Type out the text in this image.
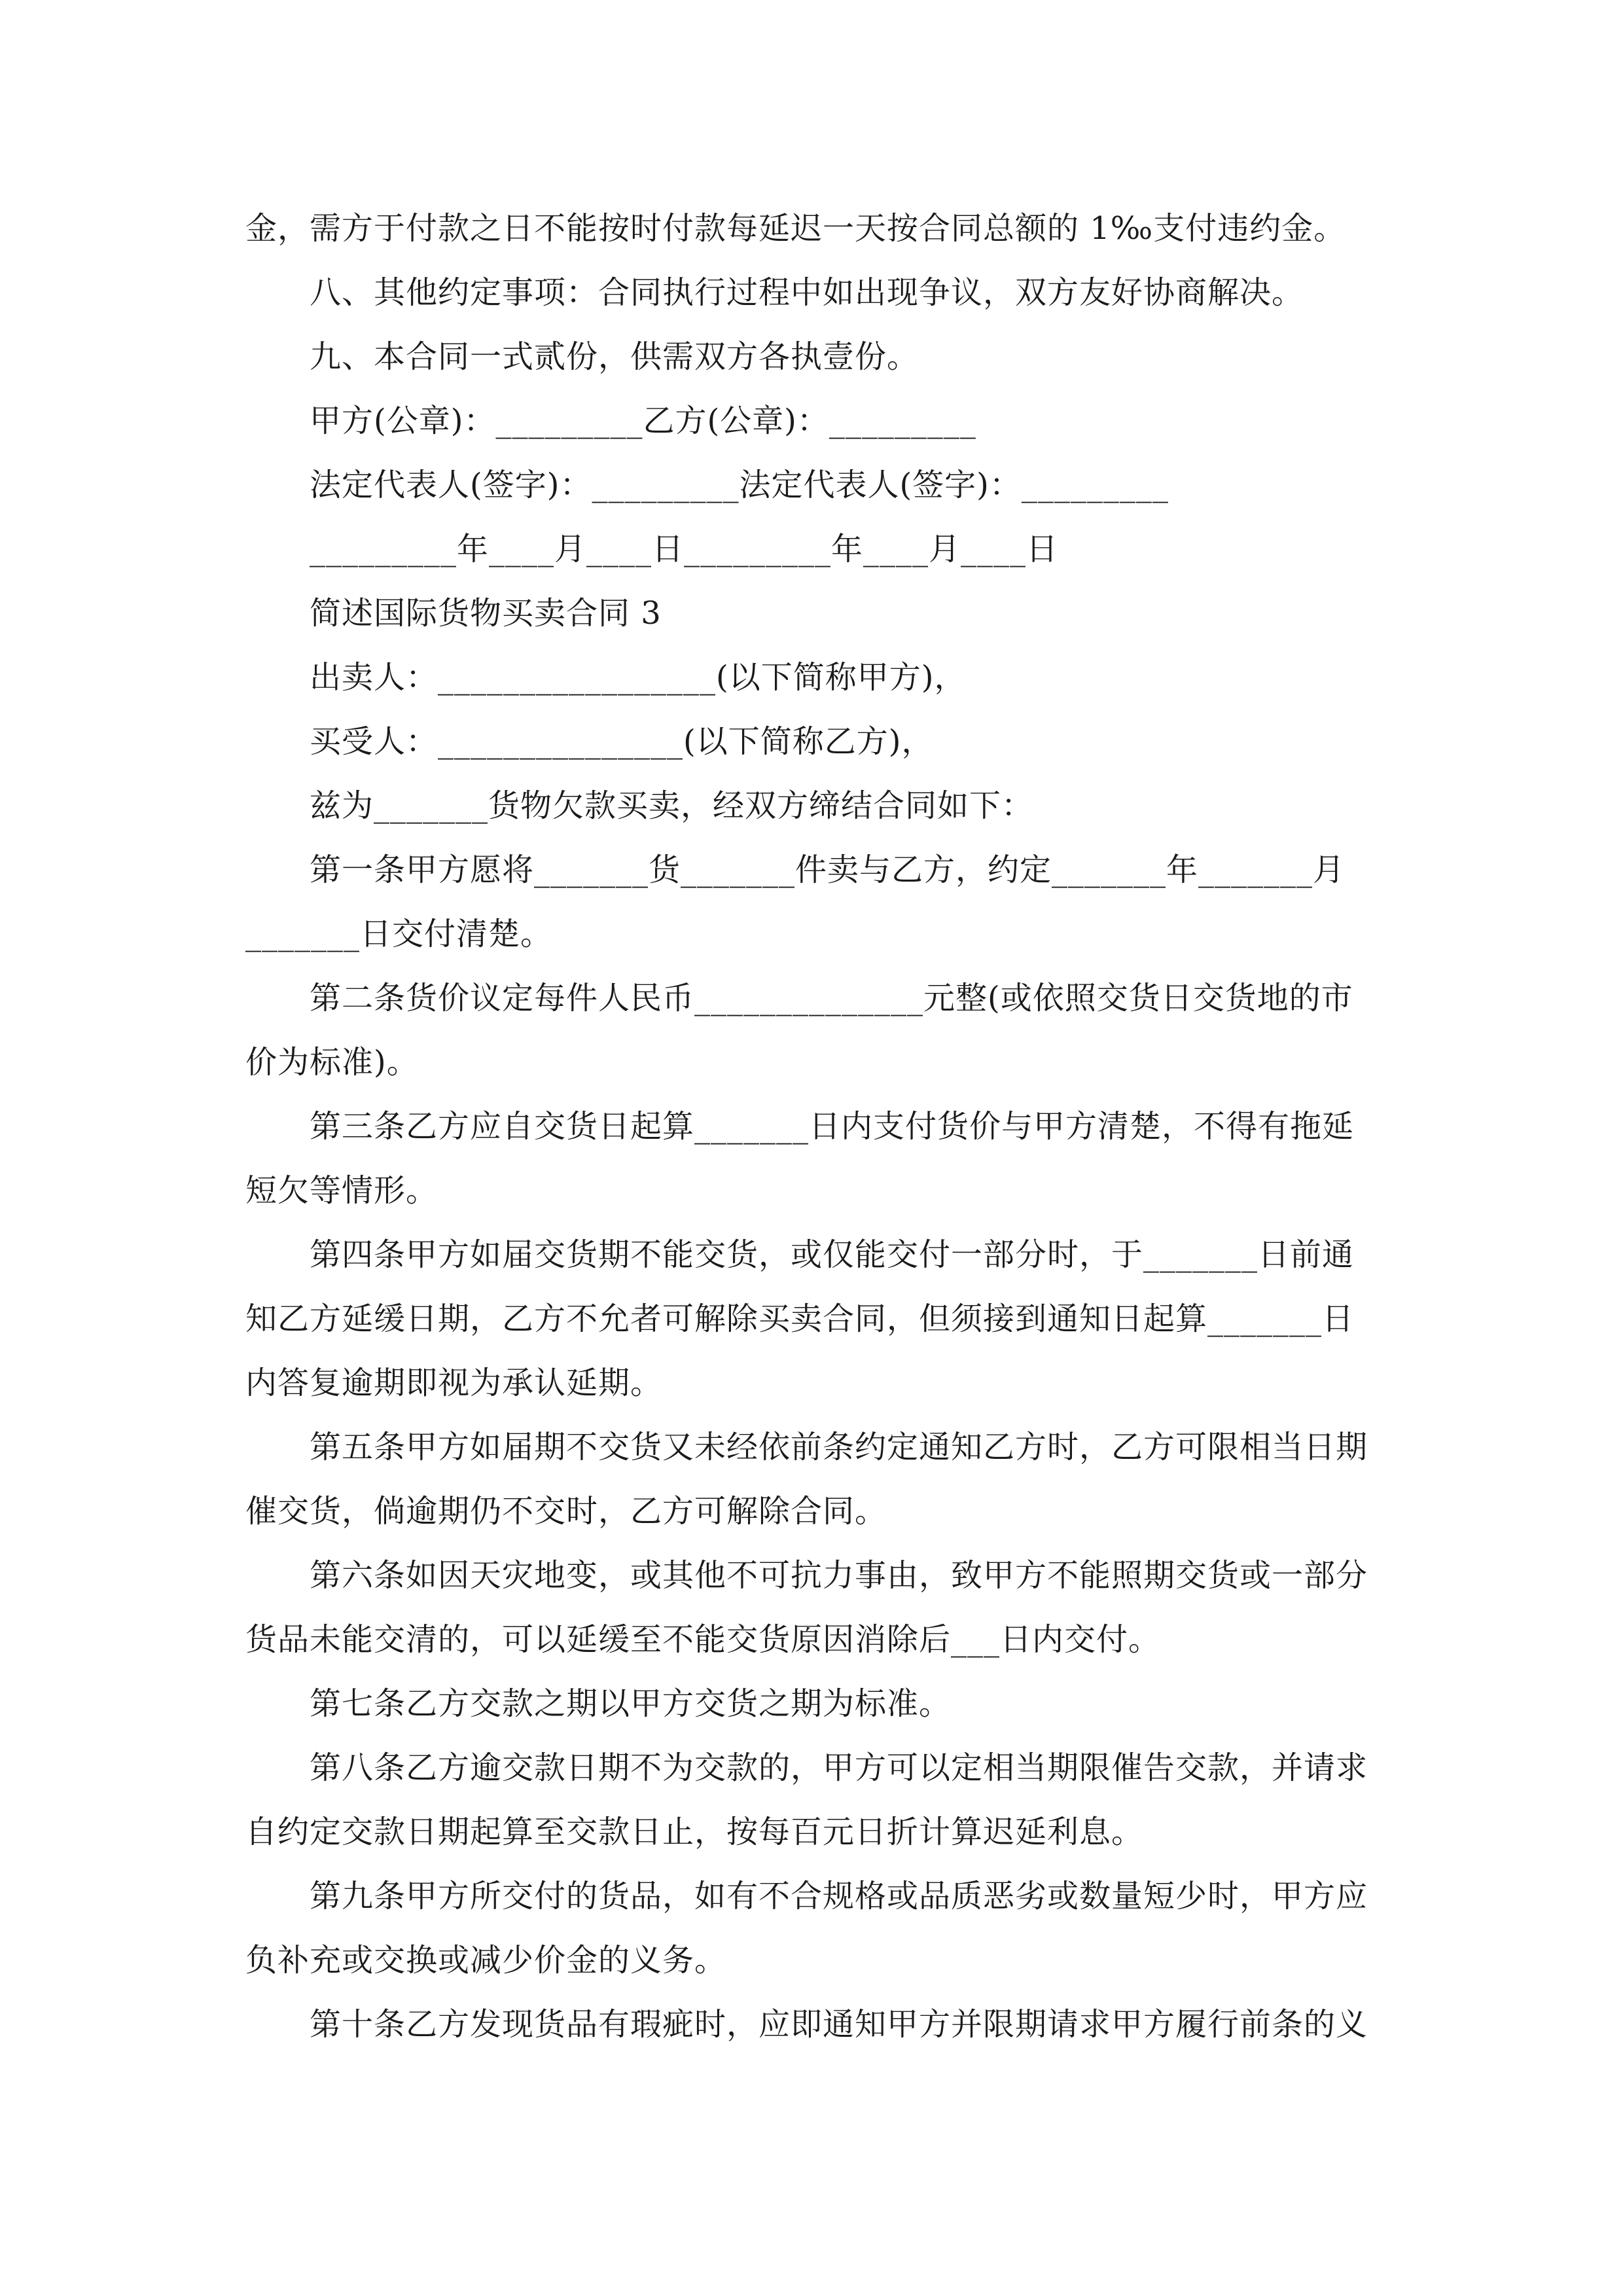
金，需方于付款之日不能按时付款每延迟一天按合同总额的 1‰支付违约金。
八、其他约定事项：合同执行过程中如出现争议，双方友好协商解决。
九、本合同一式贰份，供需双方各执壹份。
甲方(公章)：_________乙方(公章)：_________
法定代表人(签字)：_________法定代表人(签字)：_________
_________年____月____日_________年____月____日
简述国际货物买卖合同 3
出卖人：_________________(以下简称甲方)，
买受人：_______________(以下简称乙方)，
兹为_______货物欠款买卖，经双方缔结合同如下：
第一条甲方愿将_______货_______件卖与乙方，约定_______年_______月
_______日交付清楚。
第二条货价议定每件人民币______________元整(或依照交货日交货地的市
价为标准)。
第三条乙方应自交货日起算_______日内支付货价与甲方清楚，不得有拖延
短欠等情形。
第四条甲方如届交货期不能交货，或仅能交付一部分时，于_______日前通
知乙方延缓日期，乙方不允者可解除买卖合同，但须接到通知日起算_______日
内答复逾期即视为承认延期。
第五条甲方如届期不交货又未经依前条约定通知乙方时，乙方可限相当日期
催交货，倘逾期仍不交时，乙方可解除合同。
第六条如因天灾地变，或其他不可抗力事由，致甲方不能照期交货或一部分
货品未能交清的，可以延缓至不能交货原因消除后___日内交付。
第七条乙方交款之期以甲方交货之期为标准。
第八条乙方逾交款日期不为交款的，甲方可以定相当期限催告交款，并请求
自约定交款日期起算至交款日止，按每百元日折计算迟延利息。
第九条甲方所交付的货品，如有不合规格或品质恶劣或数量短少时，甲方应
负补充或交换或减少价金的义务。
第十条乙方发现货品有瑕疵时，应即通知甲方并限期请求甲方履行前条的义
